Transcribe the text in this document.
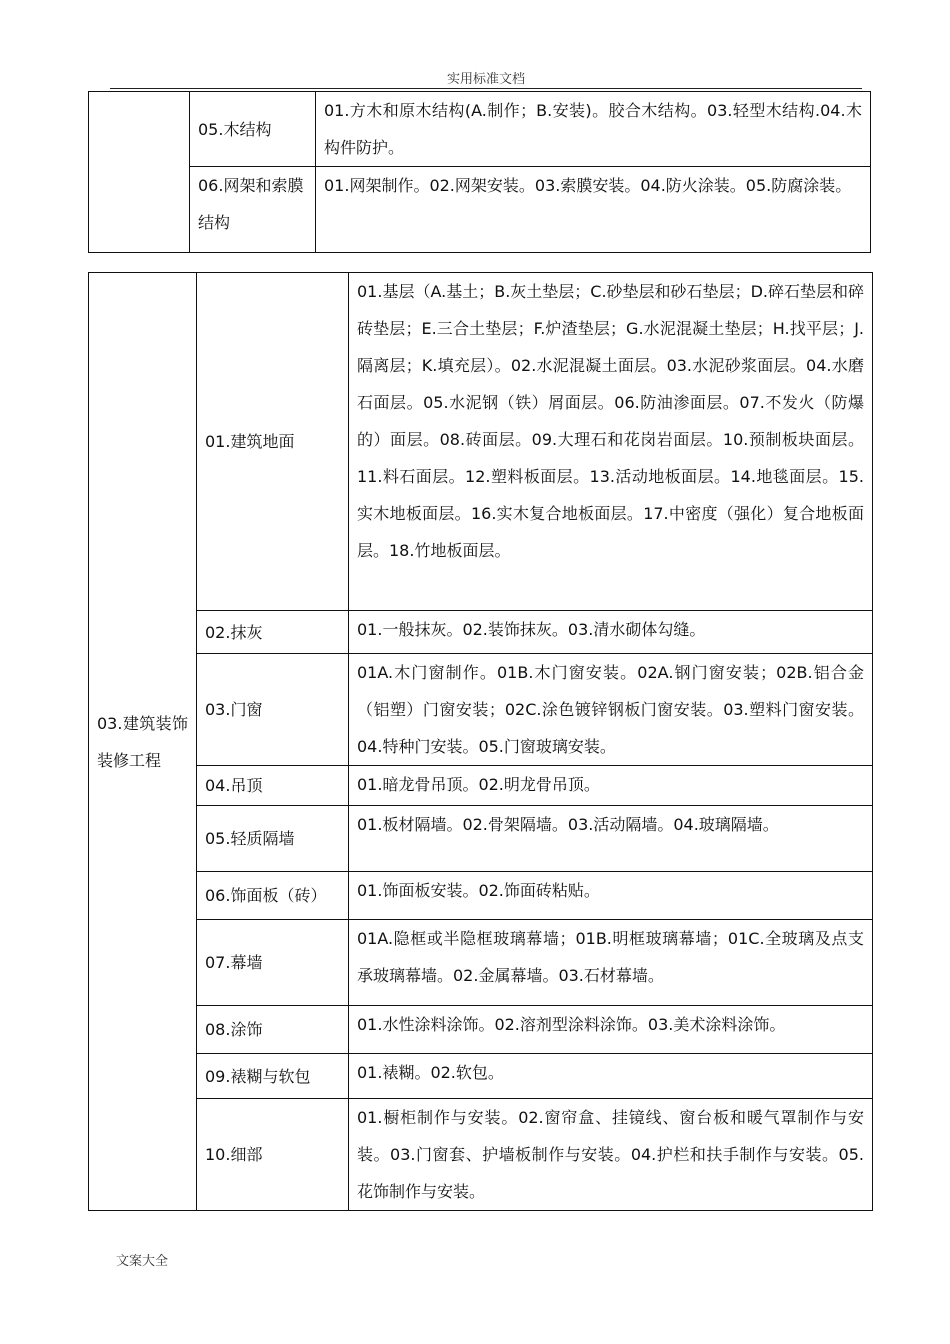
实用标准文档
	05.木结构	01.方木和原木结构(A.制作；B.安装)。胶合木结构。03.轻型木结构.04.木构件防护。
	06.网架和索膜结构	01.网架制作。02.网架安装。03.索膜安装。04.防火涂装。05.防腐涂装。
03.建筑装饰装修工程	01.建筑地面	01.基层（A.基土；B.灰土垫层；C.砂垫层和砂石垫层；D.碎石垫层和碎砖垫层；E.三合土垫层；F.炉渣垫层；G.水泥混凝土垫层；H.找平层；J.隔离层；K.填充层）。02.水泥混凝土面层。03.水泥砂浆面层。04.水磨石面层。05.水泥钢（铁）屑面层。06.防油渗面层。07.不发火（防爆的）面层。08.砖面层。09.大理石和花岗岩面层。10.预制板块面层。11.料石面层。12.塑料板面层。13.活动地板面层。14.地毯面层。15.实木地板面层。16.实木复合地板面层。17.中密度（强化）复合地板面层。18.竹地板面层。
	02.抹灰	01.一般抹灰。02.装饰抹灰。03.清水砌体勾缝。
	03.门窗	01A.木门窗制作。01B.木门窗安装。02A.钢门窗安装；02B.铝合金（铝塑）门窗安装；02C.涂色镀锌钢板门窗安装。03.塑料门窗安装。04.特种门安装。05.门窗玻璃安装。
	04.吊顶	01.暗龙骨吊顶。02.明龙骨吊顶。
	05.轻质隔墙	01.板材隔墙。02.骨架隔墙。03.活动隔墙。04.玻璃隔墙。
	06.饰面板（砖）	01.饰面板安装。02.饰面砖粘贴。
	07.幕墙	01A.隐框或半隐框玻璃幕墙；01B.明框玻璃幕墙；01C.全玻璃及点支承玻璃幕墙。02.金属幕墙。03.石材幕墙。
	08.涂饰	01.水性涂料涂饰。02.溶剂型涂料涂饰。03.美术涂料涂饰。
	09.裱糊与软包	01.裱糊。02.软包。
	10.细部	01.橱柜制作与安装。02.窗帘盒、挂镜线、窗台板和暖气罩制作与安装。03.门窗套、护墙板制作与安装。04.护栏和扶手制作与安装。05.花饰制作与安装。
文案大全
